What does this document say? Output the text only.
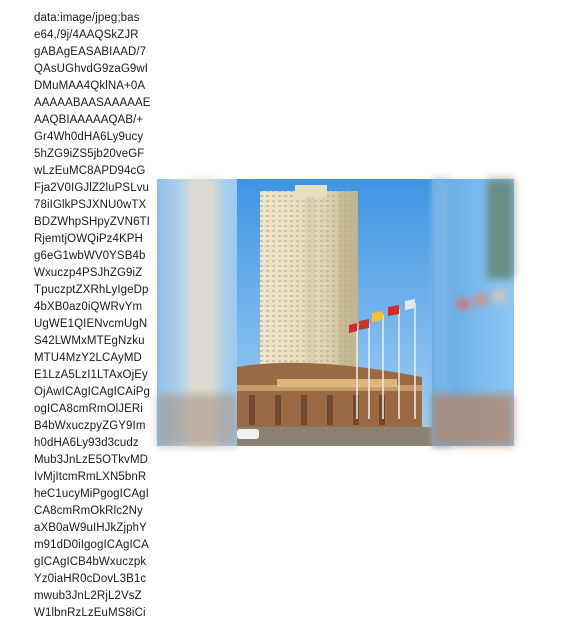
data:image/jpeg;bas
e64,/9j/4AAQSkZJR
gABAgEASABIAAD/7
QAsUGhvdG9zaG9wI
DMuMAA4QklNA+0A
AAAAABAASAAAAAE
AAQBIAAAAAQAB/+
Gr4Wh0dHA6Ly9ucy
5hZG9iZS5jb20veGF
wLzEuMC8APD94cG
Fja2V0IGJlZ2luPSLvu
78iIGlkPSJXNU0wTX
BDZWhpSHpyZVN6TI
RjemtjOWQiPz4KPH
g6eG1wbWV0YSB4b
Wxuczp4PSJhZG9iZ
TpuczptZXRhLyIgeDp
4bXB0az0iQWRvYm
UgWE1QIENvcmUgN
S42LWMxMTEgNzku
MTU4MzY2LCAyMD
E1LzA5LzI1LTAxOjEy
OjAwICAgICAgICAiPg
ogICA8cmRmOlJERi
B4bWxuczpyZGY9Im
h0dHA6Ly93d3cudz
Mub3JnLzE5OTkvMD
IvMjItcmRmLXN5bnR
heC1ucyMiPgogICAgI
CA8cmRmOkRlc2Ny
aXB0aW9uIHJkZjphY
m91dD0iIgogICAgICA
gICAgICB4bWxuczpk
Yz0iaHR0cDovL3B1c
mwub3JnL2RjL2VsZ
W1lbnRzLzEuMS8iCi
